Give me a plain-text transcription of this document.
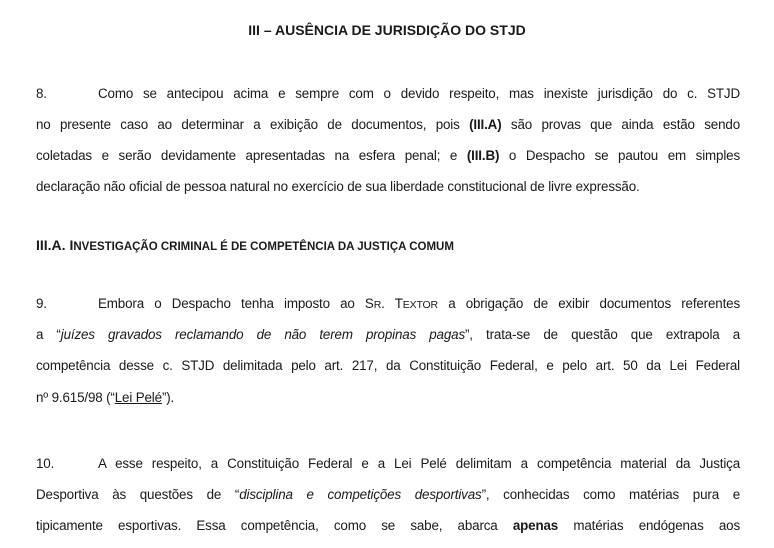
III – AUSÊNCIA DE JURISDIÇÃO DO STJD
III.A. INVESTIGAÇÃO CRIMINAL É DE COMPETÊNCIA DA JUSTIÇA COMUM
8.	Como se antecipou acima e sempre com o devido respeito, mas inexiste jurisdição do c. STJD
no presente caso ao determinar a exibição de documentos, pois (III.A) são provas que ainda estão sendo
coletadas e serão devidamente apresentadas na esfera penal; e (III.B) o Despacho se pautou em simples
declaração não oficial de pessoa natural no exercício de sua liberdade constitucional de livre expressão.
9.	Embora o Despacho tenha imposto ao SR. TEXTOR a obrigação de exibir documentos referentes
a “juízes gravados reclamando de não terem propinas pagas”, trata-se de questão que extrapola a
competência desse c. STJD delimitada pelo art. 217, da Constituição Federal, e pelo art. 50 da Lei Federal
nº 9.615/98 (“Lei Pelé”).
10.	A esse respeito, a Constituição Federal e a Lei Pelé delimitam a competência material da Justiça
Desportiva às questões de “disciplina e competições desportivas”, conhecidas como matérias pura e
tipicamente esportivas. Essa competência, como se sabe, abarca apenas matérias endógenas aos
